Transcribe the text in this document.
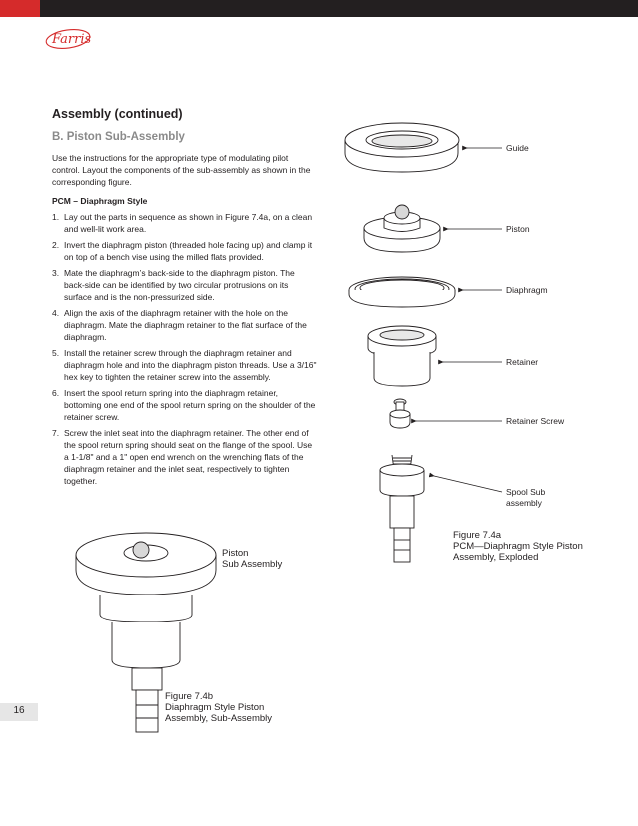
Farris
Assembly (continued)
B. Piston Sub-Assembly
Use the instructions for the appropriate type of modulating pilot control. Layout the components of the sub-assembly as shown in the corresponding figure.
PCM – Diaphragm Style
1. Lay out the parts in sequence as shown in Figure 7.4a, on a clean and well-lit work area.
2. Invert the diaphragm piston (threaded hole facing up) and clamp it on top of a bench vise using the milled flats provided.
3. Mate the diaphragm’s back-side to the diaphragm piston. The back-side can be identified by two circular protrusions on its surface and is the non-pressurized side.
4. Align the axis of the diaphragm retainer with the hole on the diaphragm. Mate the diaphragm retainer to the flat surface of the diaphragm.
5. Install the retainer screw through the diaphragm retainer and diaphragm hole and into the diaphragm piston threads. Use a 3/16" hex key to tighten the retainer screw into the assembly.
6. Insert the spool return spring into the diaphragm retainer, bottoming one end of the spool return spring on the shoulder of the retainer screw.
7. Screw the inlet seat into the diaphragm retainer. The other end of the spool return spring should seat on the flange of the spool. Use a 1-1/8" and a 1" open end wrench on the wrenching flats of the diaphragm retainer and the inlet seat, respectively to tighten together.
Guide
Piston
Diaphragm
Retainer
Retainer Screw
Spool Sub
assembly
Figure 7.4a
PCM—Diaphragm Style Piston
Assembly, Exploded
Piston
Sub Assembly
Figure 7.4b
Diaphragm Style Piston
Assembly, Sub-Assembly
16
